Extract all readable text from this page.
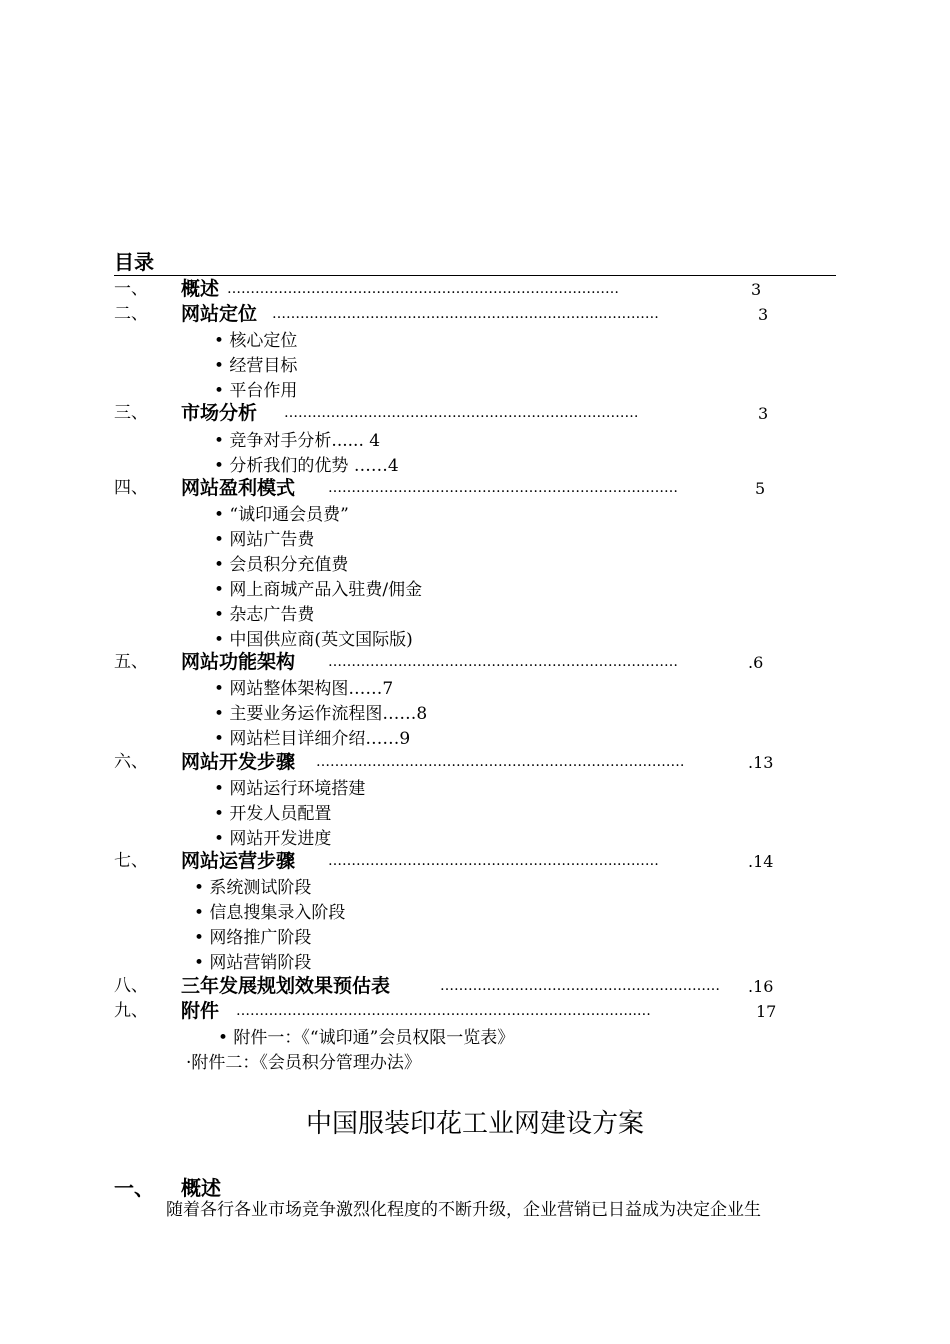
目录
一、	概述 …………………………………………………………………………	3
二、	网站定位 ……………………………………………………………..…………	3
• 核心定位
• 经营目标
• 平台作用
三、	市场分析 …………………………………………………….……………	3
• 竞争对手分析...... 4
• 分析我们的优势 ……4
四、	网站盈利模式 …………………………………………………………………	5
• “诚印通会员费”
• 网站广告费
• 会员积分充值费
• 网上商城产品入驻费/佣金
• 杂志广告费
• 中国供应商(英文国际版)
五、	网站功能架构 …………………………………………………………………	.6
• 网站整体架构图……7
• 主要业务运作流程图……8
• 网站栏目详细介绍……9
六、	网站开发步骤 …………………………………………………………….………	.13
• 网站运行环境搭建
• 开发人员配置
• 网站开发进度
七、	网站运营步骤 ……………………………………………………..………	.14
• 系统测试阶段
• 信息搜集录入阶段
• 网络推广阶段
• 网站营销阶段
八、	三年发展规划效果预估表	……………………………………………………	.16
九、	附件 …………………………………………………………………………..…	17
• 附件一：《“诚印通”会员权限一览表》
·附件二：《会员积分管理办法》
中国服装印花工业网建设方案
一、 概述
随着各行各业市场竞争激烈化程度的不断升级，企业营销已日益成为决定企业生
